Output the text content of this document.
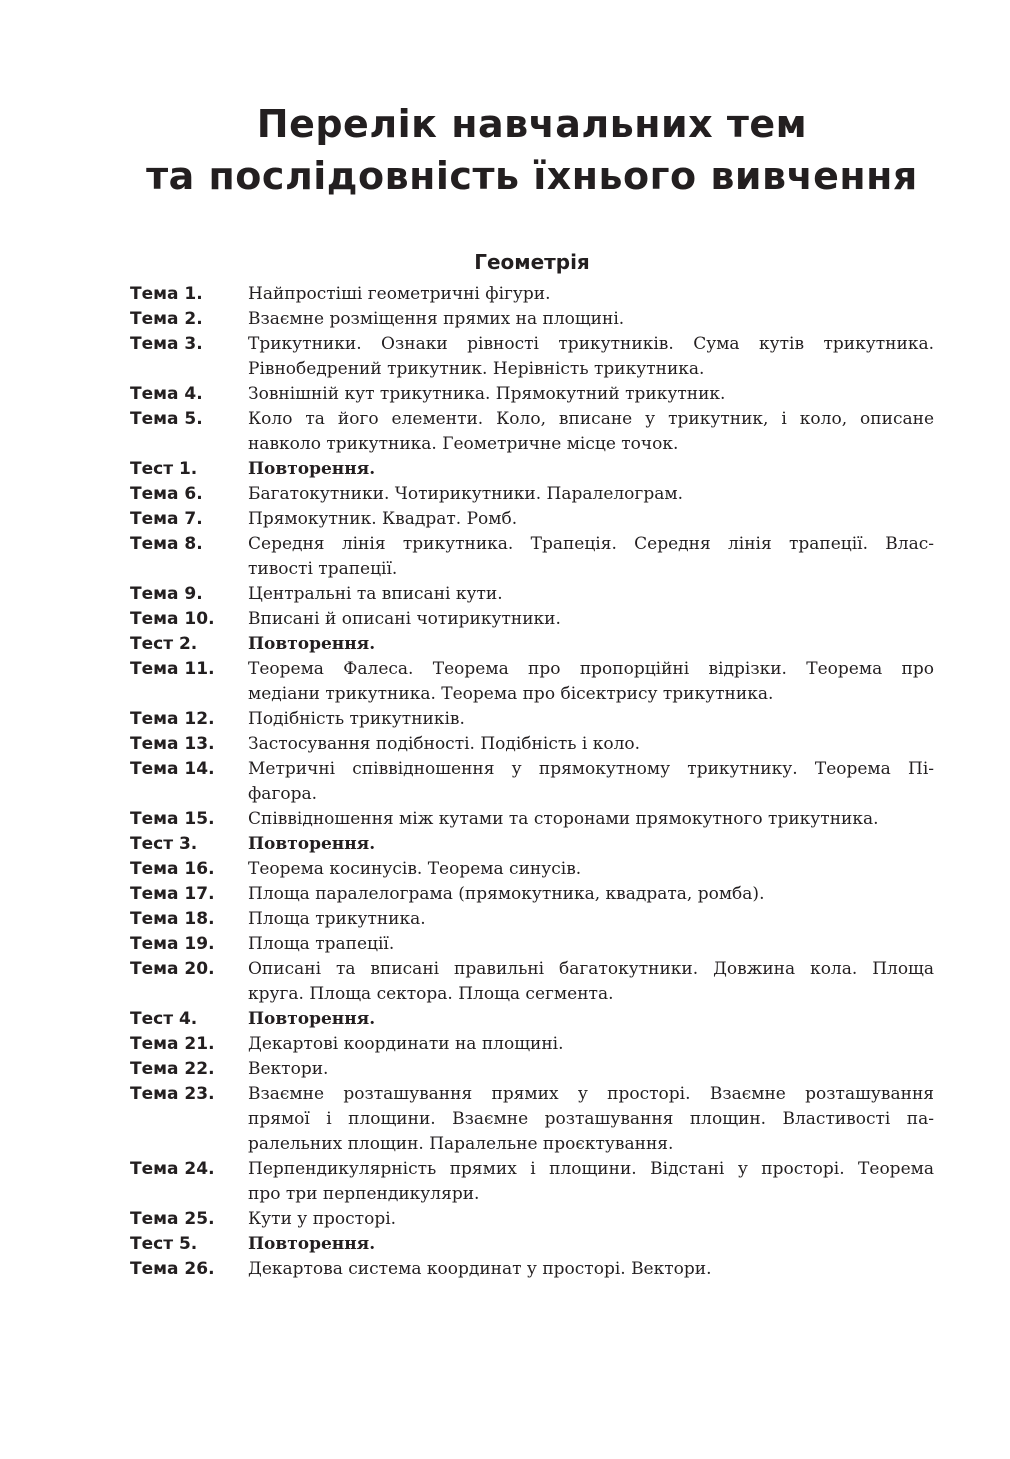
Перелік навчальних тем
та послідовність їхнього вивчення
Геометрія
Тема 1.	Найпростіші геометричні фігури.
Тема 2.	Взаємне розміщення прямих на площині.
Тема 3.	Трикутники. Ознаки рівності трикутників. Сума кутів трикутника.
Рівнобедрений трикутник. Нерівність трикутника.
Тема 4.	Зовнішній кут трикутника. Прямокутний трикутник.
Тема 5.	Коло та його елементи. Коло, вписане у трикутник, і коло, описане
навколо трикутника. Геометричне місце точок.
Тест 1.	Повторення.
Тема 6.	Багатокутники. Чотирикутники. Паралелограм.
Тема 7.	Прямокутник. Квадрат. Ромб.
Тема 8.	Середня лінія трикутника. Трапеція. Середня лінія трапеції. Влас-
тивості трапеції.
Тема 9.	Центральні та вписані кути.
Тема 10.	Вписані й описані чотирикутники.
Тест 2.	Повторення.
Тема 11.	Теорема Фалеса. Теорема про пропорційні відрізки. Теорема про
медіани трикутника. Теорема про бісектрису трикутника.
Тема 12.	Подібність трикутників.
Тема 13.	Застосування подібності. Подібність і коло.
Тема 14.	Метричні співвідношення у прямокутному трикутнику. Теорема Пі-
фагора.
Тема 15.	Співвідношення між кутами та сторонами прямокутного трикутника.
Тест 3.	Повторення.
Тема 16.	Теорема косинусів. Теорема синусів.
Тема 17.	Площа паралелограма (прямокутника, квадрата, ромба).
Тема 18.	Площа трикутника.
Тема 19.	Площа трапеції.
Тема 20.	Описані та вписані правильні багатокутники. Довжина кола. Площа
круга. Площа сектора. Площа сегмента.
Тест 4.	Повторення.
Тема 21.	Декартові координати на площині.
Тема 22.	Вектори.
Тема 23.	Взаємне розташування прямих у просторі. Взаємне розташування
прямої і площини. Взаємне розташування площин. Властивості па-
ралельних площин. Паралельне проєктування.
Тема 24.	Перпендикулярність прямих і площини. Відстані у просторі. Теорема
про три перпендикуляри.
Тема 25.	Кути у просторі.
Тест 5.	Повторення.
Тема 26.	Декартова система координат у просторі. Вектори.
